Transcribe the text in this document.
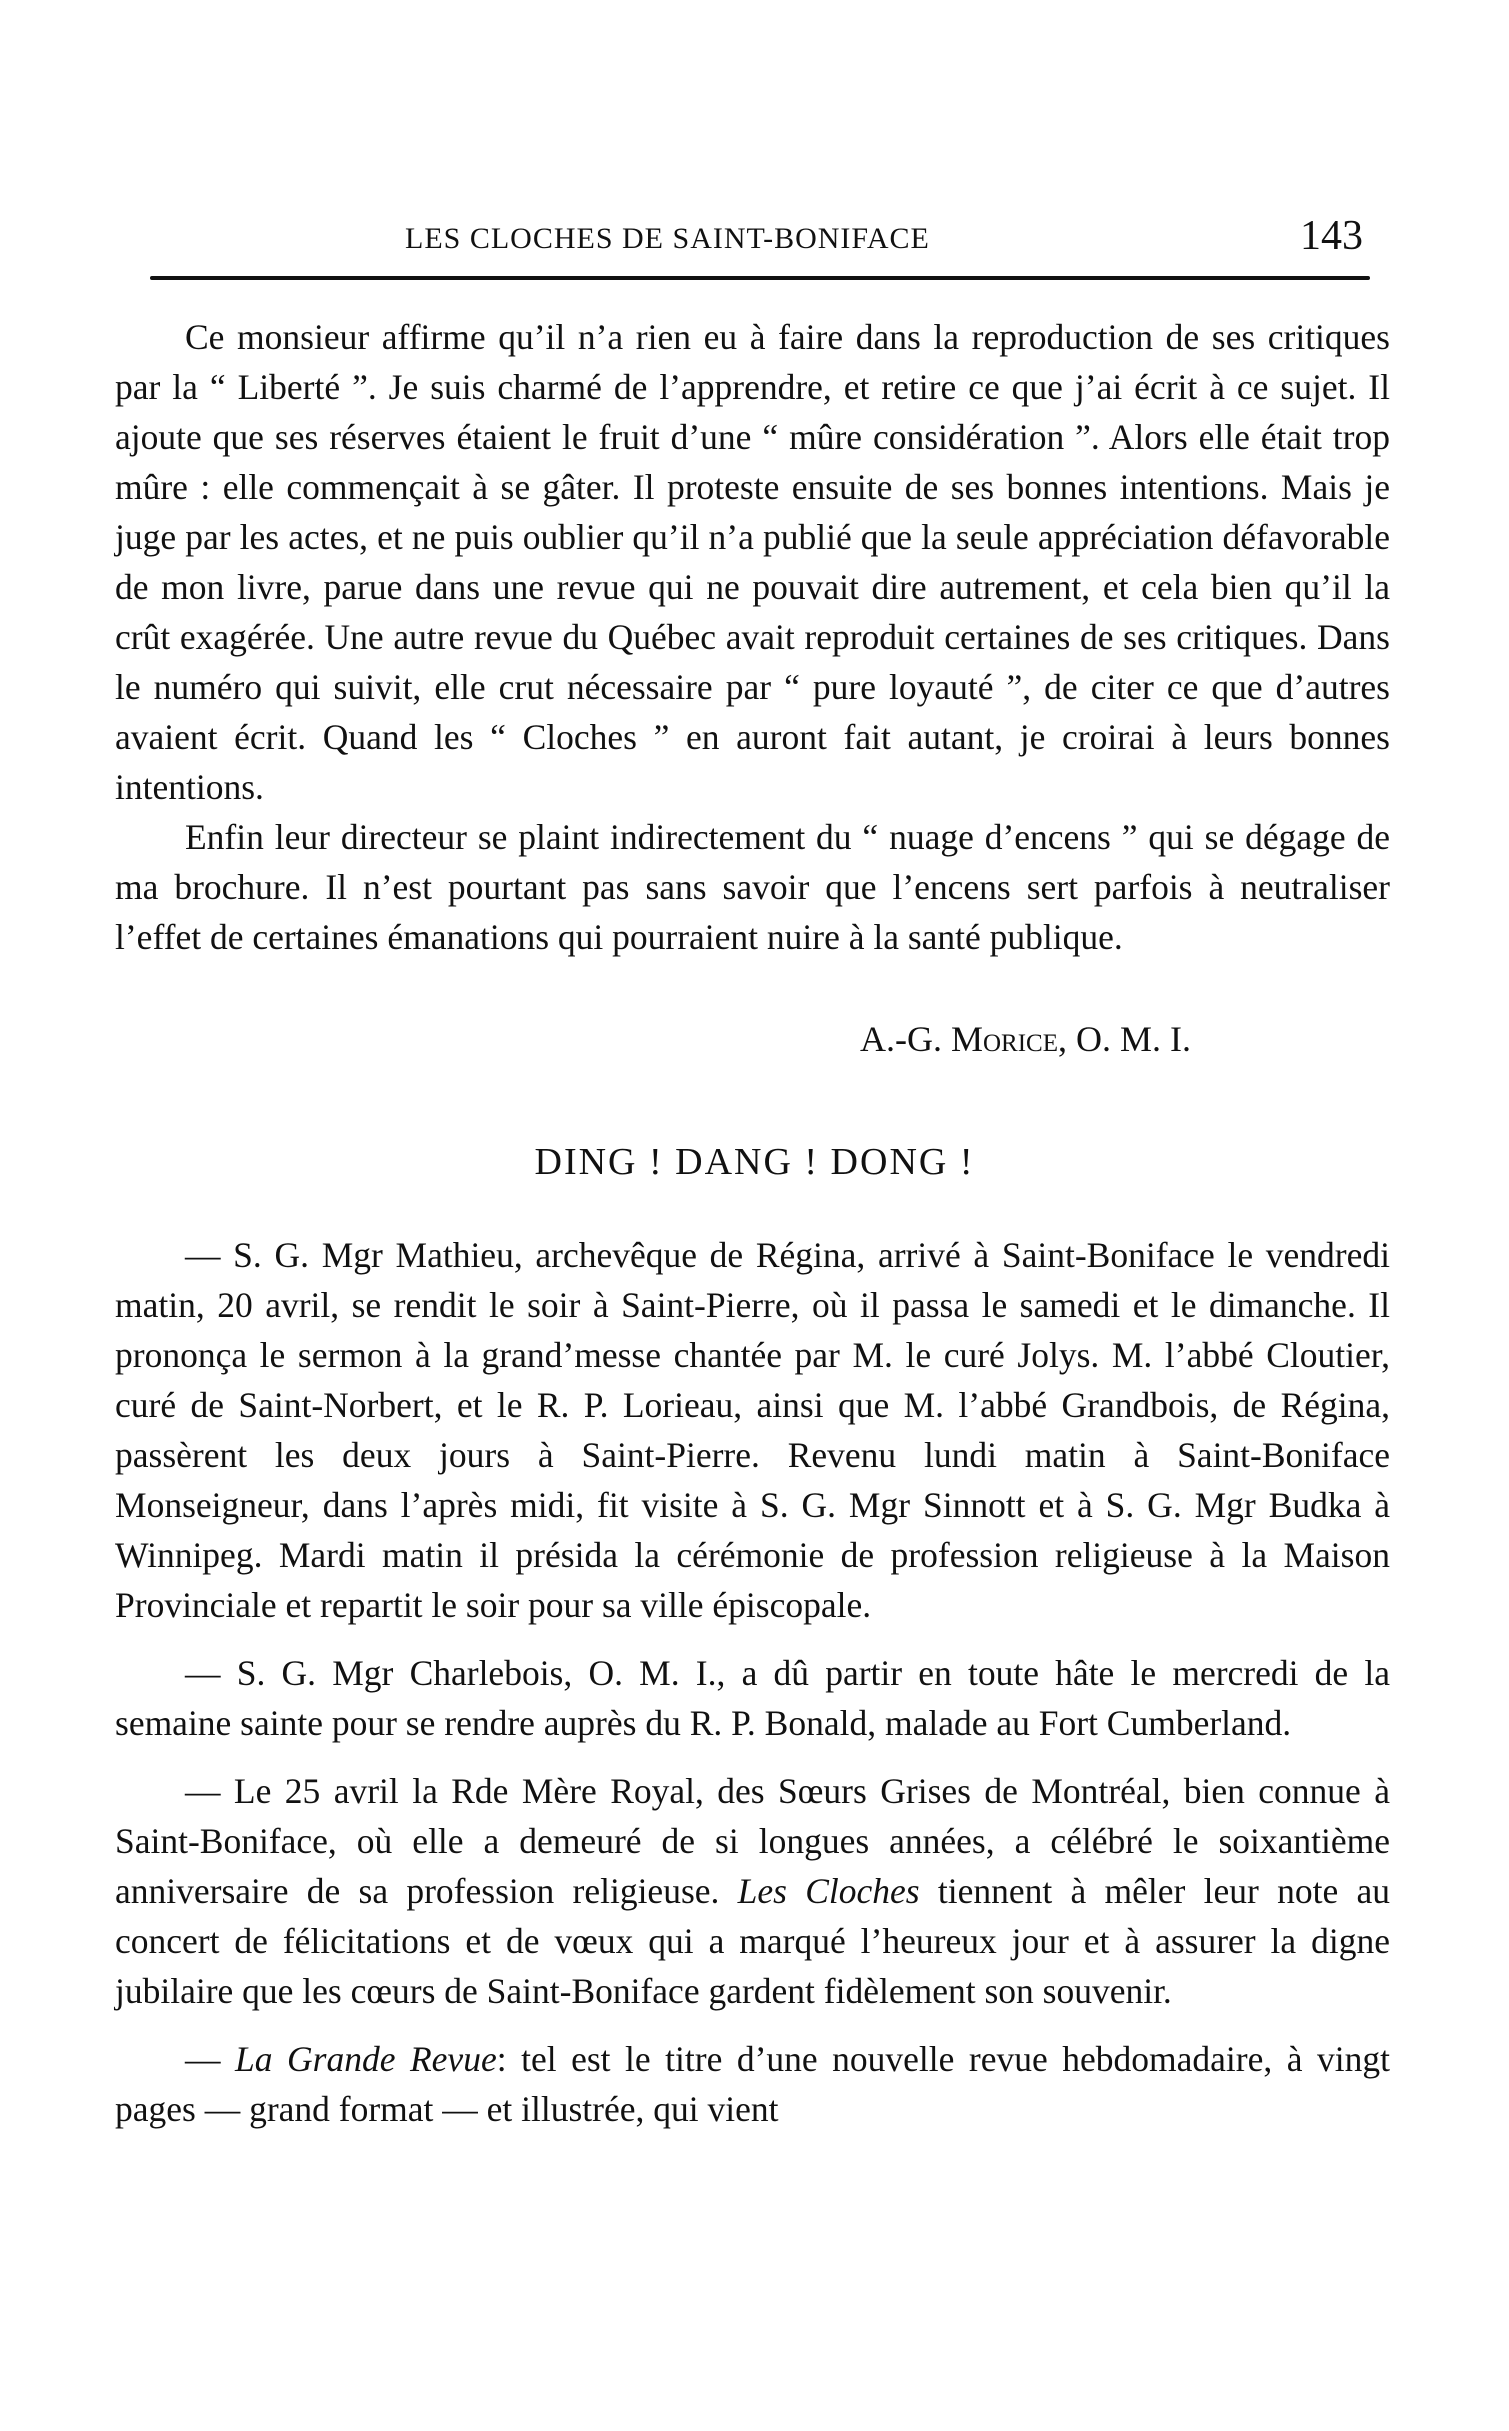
LES CLOCHES DE SAINT-BONIFACE	143

Ce monsieur affirme qu’il n’a rien eu à faire dans la reproduction de ses critiques par la “ Liberté ”. Je suis charmé de l’apprendre, et retire ce que j’ai écrit à ce sujet. Il ajoute que ses réserves étaient le fruit d’une “ mûre considération ”. Alors elle était trop mûre : elle commençait à se gâter. Il proteste ensuite de ses bonnes intentions. Mais je juge par les actes, et ne puis oublier qu’il n’a publié que la seule appréciation défavorable de mon livre, parue dans une revue qui ne pouvait dire autrement, et cela bien qu’il la crût exagérée. Une autre revue du Québec avait reproduit certaines de ses critiques. Dans le numéro qui suivit, elle crut nécessaire par “ pure loyauté ”, de citer ce que d’autres avaient écrit. Quand les “ Cloches ” en auront fait autant, je croirai à leurs bonnes intentions.

Enfin leur directeur se plaint indirectement du “ nuage d’encens ” qui se dégage de ma brochure. Il n’est pourtant pas sans savoir que l’encens sert parfois à neutraliser l’effet de certaines émanations qui pourraient nuire à la santé publique.

A.-G. Morice, O. M. I.
DING ! DANG ! DONG !

— S. G. Mgr Mathieu, archevêque de Régina, arrivé à Saint-Boniface le vendredi matin, 20 avril, se rendit le soir à Saint-Pierre, où il passa le samedi et le dimanche. Il prononça le sermon à la grand’messe chantée par M. le curé Jolys. M. l’abbé Cloutier, curé de Saint-Norbert, et le R. P. Lorieau, ainsi que M. l’abbé Grandbois, de Régina, passèrent les deux jours à Saint-Pierre. Revenu lundi matin à Saint-Boniface Monseigneur, dans l’après midi, fit visite à S. G. Mgr Sinnott et à S. G. Mgr Budka à Winnipeg. Mardi matin il présida la cérémonie de profession religieuse à la Maison Provinciale et repartit le soir pour sa ville épiscopale.

— S. G. Mgr Charlebois, O. M. I., a dû partir en toute hâte le mercredi de la semaine sainte pour se rendre auprès du R. P. Bonald, malade au Fort Cumberland.

— Le 25 avril la Rde Mère Royal, des Sœurs Grises de Montréal, bien connue à Saint-Boniface, où elle a demeuré de si longues années, a célébré le soixantième anniversaire de sa profession religieuse. Les Cloches tiennent à mêler leur note au concert de félicitations et de vœux qui a marqué l’heureux jour et à assurer la digne jubilaire que les cœurs de Saint-Boniface gardent fidèlement son souvenir.

— La Grande Revue: tel est le titre d’une nouvelle revue hebdomadaire, à vingt pages — grand format — et illustrée, qui vient
